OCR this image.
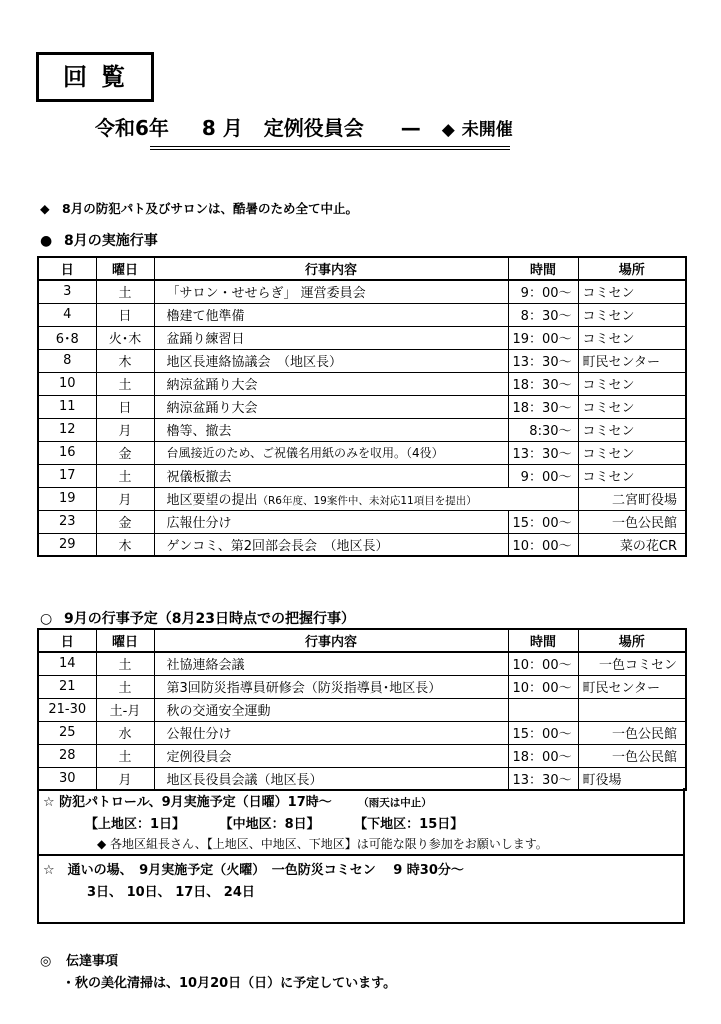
回覧
令和6年 8 月 定例役員会 — ◆ 未開催
◆ 8月の防犯パト及びサロンは、酷暑のため全て中止。
● 8月の実施行事
日	曜日	行事内容	時間	場所
3	土	「サロン・せせらぎ」 運営委員会	9：00～	コミセン
4	日	櫓建て他準備	8：30～	コミセン
6･8	火･木	盆踊り練習日	19：00～	コミセン
8	木	地区長連絡協議会　（地区長）	13：30～	町民センター
10	土	納涼盆踊り大会	18：30～	コミセン
11	日	納涼盆踊り大会	18：30～	コミセン
12	月	櫓等、撤去	8:30～	コミセン
16	金	台風接近のため、ご祝儀名用紙のみを収用。（4役）	13：30～	コミセン
17	土	祝儀板撤去	9：00～	コミセン
19	月	地区要望の提出（R6年度、19案件中、未対応11項目を提出）		二宮町役場
23	金	広報仕分け	15：00～	一色公民館
29	木	ゲンコミ、第2回部会長会　（地区長）	10：00～	菜の花CR
○ 9月の行事予定（8月23日時点での把握行事）
日	曜日	行事内容	時間	場所
14	土	社協連絡会議	10：00～	一色コミセン
21	土	第3回防災指導員研修会（防災指導員･地区長）	10：00～	町民センター
21-30	土-月	秋の交通安全運動		
25	水	公報仕分け	15：00～	一色公民館
28	土	定例役員会	18：00～	一色公民館
30	月	地区長役員会議（地区長）	13：30～	町役場
☆ 防犯パトロール、9月実施予定（日曜）17時～	（雨天は中止）
【上地区：1日】	【中地区：8日】	【下地区：15日】
◆ 各地区組長さん、【上地区、中地区、下地区】は可能な限り参加をお願いします。
☆　通いの場、　9月実施予定（火曜）　一色防災コミセン　 9 時30分～
3日、 10日、 17日、 24日
◎ 伝達事項
・秋の美化清掃は、10月20日（日）に予定しています。
